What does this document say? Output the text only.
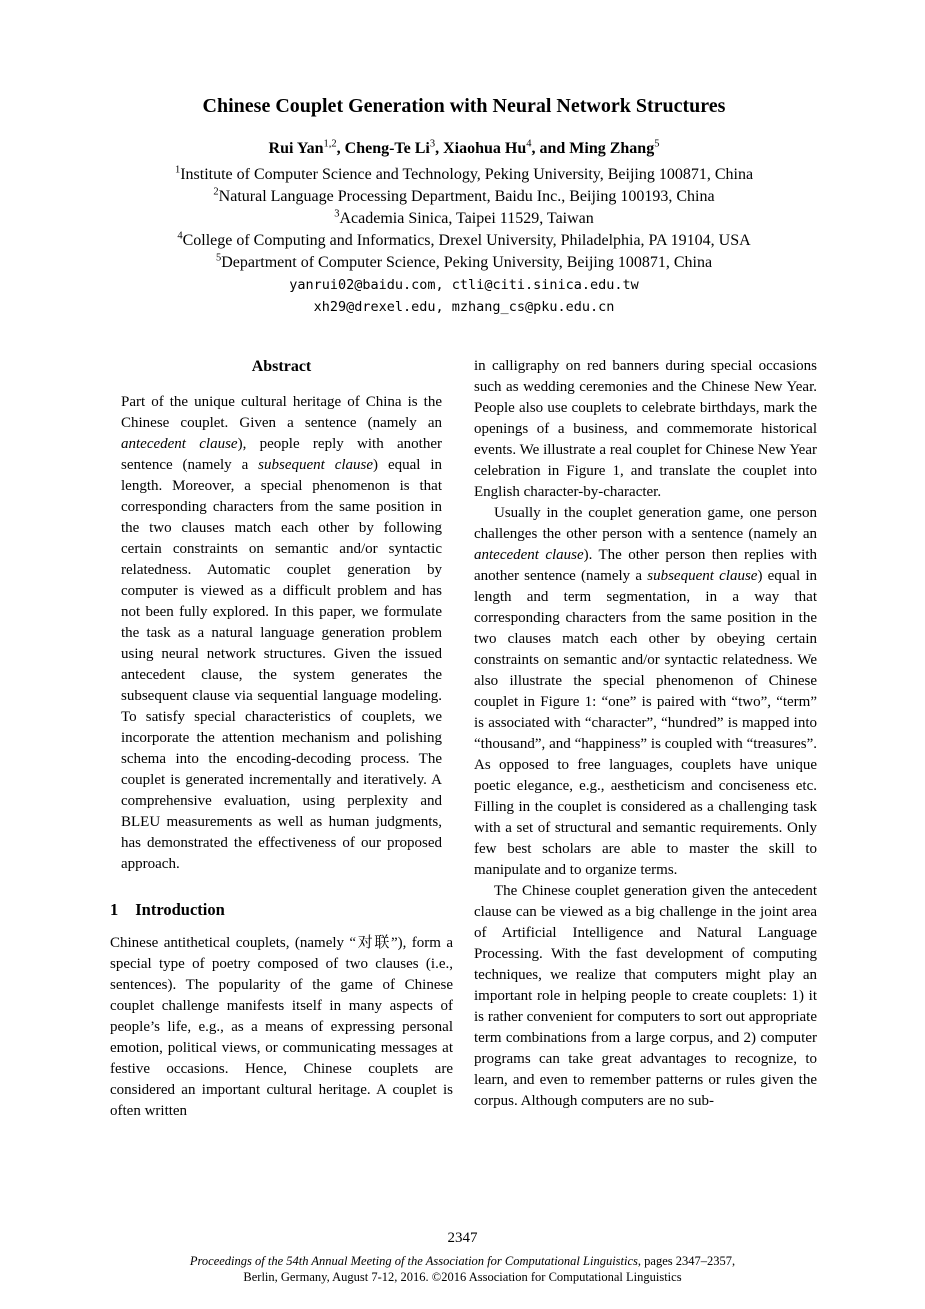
Chinese Couplet Generation with Neural Network Structures
Rui Yan$^{1,2}$, Cheng-Te Li$^3$, Xiaohua Hu$^4$, and Ming Zhang$^5$
$^1$Institute of Computer Science and Technology, Peking University, Beijing 100871, China
$^2$Natural Language Processing Department, Baidu Inc., Beijing 100193, China
$^3$Academia Sinica, Taipei 11529, Taiwan
$^4$College of Computing and Informatics, Drexel University, Philadelphia, PA 19104, USA
$^5$Department of Computer Science, Peking University, Beijing 100871, China
yanrui02@baidu.com, ctli@citi.sinica.edu.tw
xh29@drexel.edu, mzhang_cs@pku.edu.cn
Abstract

Part of the unique cultural heritage of China is the Chinese couplet. Given a sentence (namely an antecedent clause), people reply with another sentence (namely a subsequent clause) equal in length. Moreover, a special phenomenon is that corresponding characters from the same position in the two clauses match each other by following certain constraints on semantic and/or syntactic relatedness. Automatic couplet generation by computer is viewed as a difficult problem and has not been fully explored. In this paper, we formulate the task as a natural language generation problem using neural network structures. Given the issued antecedent clause, the system generates the subsequent clause via sequential language modeling. To satisfy special characteristics of couplets, we incorporate the attention mechanism and polishing schema into the encoding-decoding process. The couplet is generated incrementally and iteratively. A comprehensive evaluation, using perplexity and BLEU measurements as well as human judgments, has demonstrated the effectiveness of our proposed approach.

1 Introduction

Chinese antithetical couplets, (namely “对联”), form a special type of poetry composed of two clauses (i.e., sentences). The popularity of the game of Chinese couplet challenge manifests itself in many aspects of people’s life, e.g., as a means of expressing personal emotion, political views, or communicating messages at festive occasions. Hence, Chinese couplets are considered an important cultural heritage. A couplet is often written

in calligraphy on red banners during special occasions such as wedding ceremonies and the Chinese New Year. People also use couplets to celebrate birthdays, mark the openings of a business, and commemorate historical events. We illustrate a real couplet for Chinese New Year celebration in Figure 1, and translate the couplet into English character-by-character.

Usually in the couplet generation game, one person challenges the other person with a sentence (namely an antecedent clause). The other person then replies with another sentence (namely a subsequent clause) equal in length and term segmentation, in a way that corresponding characters from the same position in the two clauses match each other by obeying certain constraints on semantic and/or syntactic relatedness. We also illustrate the special phenomenon of Chinese couplet in Figure 1: “one” is paired with “two”, “term” is associated with “character”, “hundred” is mapped into “thousand”, and “happiness” is coupled with “treasures”. As opposed to free languages, couplets have unique poetic elegance, e.g., aestheticism and conciseness etc. Filling in the couplet is considered as a challenging task with a set of structural and semantic requirements. Only few best scholars are able to master the skill to manipulate and to organize terms.

The Chinese couplet generation given the antecedent clause can be viewed as a big challenge in the joint area of Artificial Intelligence and Natural Language Processing. With the fast development of computing techniques, we realize that computers might play an important role in helping people to create couplets: 1) it is rather convenient for computers to sort out appropriate term combinations from a large corpus, and 2) computer programs can take great advantages to recognize, to learn, and even to remember patterns or rules given the corpus. Although computers are no sub-

2347
Proceedings of the 54th Annual Meeting of the Association for Computational Linguistics, pages 2347–2357,
Berlin, Germany, August 7-12, 2016. ©2016 Association for Computational Linguistics
